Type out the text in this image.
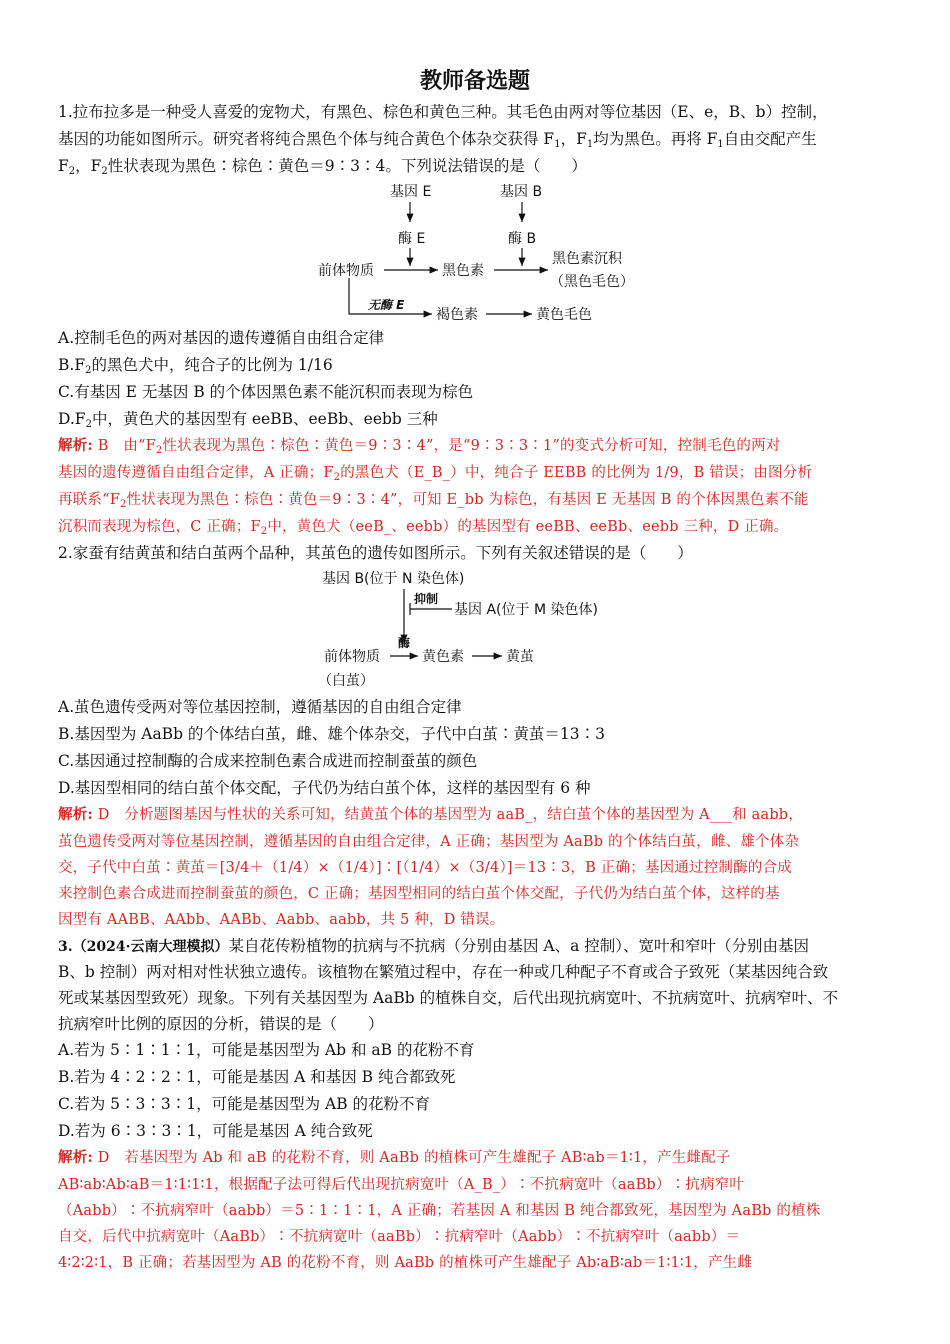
教师备选题
1.拉布拉多是一种受人喜爱的宠物犬，有黑色、棕色和黄色三种。其毛色由两对等位基因（E、e，B、b）控制，
基因的功能如图所示。研究者将纯合黑色个体与纯合黄色个体杂交获得 $F_1$，$F_1$均为黑色。再将 $F_1$自由交配产生
$F_2$，$F_2$性状表现为黑色∶棕色∶黄色＝9∶3∶4。下列说法错误的是（　　）
基因 E	基因 B
酶 E	酶 B
前体物质	黑色素
黑色素沉积
（黑色毛色）
无酶 E
褐色素	黄色毛色
A.控制毛色的两对基因的遗传遵循自由组合定律
$B.F_2$的黑色犬中，纯合子的比例为 1/16
C.有基因 E 无基因 B 的个体因黑色素不能沉积而表现为棕色
$D.F_2$中，黄色犬的基因型有 eeBB、eeBb、eebb 三种
解析: B　由“$F_2$性状表现为黑色∶棕色∶黄色＝9∶3∶4”，是“9∶3∶3∶1”的变式分析可知，控制毛色的两对
基因的遗传遵循自由组合定律，A 正确；$F_2$的黑色犬（E_B_）中，纯合子 EEBB 的比例为 1/9，B 错误；由图分析
再联系“$F_2$性状表现为黑色∶棕色∶黄色＝9∶3∶4”，可知 E_bb 为棕色，有基因 E 无基因 B 的个体因黑色素不能
沉积而表现为棕色，C 正确；$F_2$中，黄色犬（eeB_、eebb）的基因型有 eeBB、eeBb、eebb 三种，D 正确。
2.家蚕有结黄茧和结白茧两个品种，其茧色的遗传如图所示。下列有关叙述错误的是（　　）
基因 B(位于 N 染色体)
抑制
基因 A(位于 M 染色体)
酶
前体物质	黄色素	黄茧
（白茧）
A.茧色遗传受两对等位基因控制，遵循基因的自由组合定律
B.基因型为 AaBb 的个体结白茧，雌、雄个体杂交，子代中白茧∶黄茧＝13∶3
C.基因通过控制酶的合成来控制色素合成进而控制蚕茧的颜色
D.基因型相同的结白茧个体交配，子代仍为结白茧个体，这样的基因型有 6 种
解析: D　分析题图基因与性状的关系可知，结黄茧个体的基因型为 aaB_，结白茧个体的基因型为 A___和 aabb，
茧色遗传受两对等位基因控制，遵循基因的自由组合定律，A 正确；基因型为 AaBb 的个体结白茧，雌、雄个体杂
交，子代中白茧∶黄茧＝[3/4＋（1/4）×（1/4）]∶[（1/4）×（3/4）]＝13∶3，B 正确；基因通过控制酶的合成
来控制色素合成进而控制蚕茧的颜色，C 正确；基因型相同的结白茧个体交配，子代仍为结白茧个体，这样的基
因型有 AABB、AAbb、AABb、Aabb、aabb，共 5 种，D 错误。
3.（2024·云南大理模拟）某自花传粉植物的抗病与不抗病（分别由基因 A、a 控制）、宽叶和窄叶（分别由基因
B、b 控制）两对相对性状独立遗传。该植物在繁殖过程中，存在一种或几种配子不育或合子致死（某基因纯合致
死或某基因型致死）现象。下列有关基因型为 AaBb 的植株自交，后代出现抗病宽叶、不抗病宽叶、抗病窄叶、不
抗病窄叶比例的原因的分析，错误的是（　　）
A.若为 5∶1∶1∶1，可能是基因型为 Ab 和 aB 的花粉不育
B.若为 4∶2∶2∶1，可能是基因 A 和基因 B 纯合都致死
C.若为 5∶3∶3∶1，可能是基因型为 AB 的花粉不育
D.若为 6∶3∶3∶1，可能是基因 A 纯合致死
解析: D　若基因型为 Ab 和 aB 的花粉不育，则 AaBb 的植株可产生雄配子 AB∶ab＝1∶1，产生雌配子
AB∶ab∶Ab∶aB＝1∶1∶1∶1，根据配子法可得后代出现抗病宽叶（A_B_）∶不抗病宽叶（aaBb）∶抗病窄叶
（Aabb）∶不抗病窄叶（aabb）＝5∶1∶1∶1，A 正确；若基因 A 和基因 B 纯合都致死，基因型为 AaBb 的植株
自交，后代中抗病宽叶（AaBb）∶不抗病宽叶（aaBb）∶抗病窄叶（Aabb）∶不抗病窄叶（aabb）＝
4∶2∶2∶1，B 正确；若基因型为 AB 的花粉不育，则 AaBb 的植株可产生雄配子 Ab∶aB∶ab＝1∶1∶1，产生雌
